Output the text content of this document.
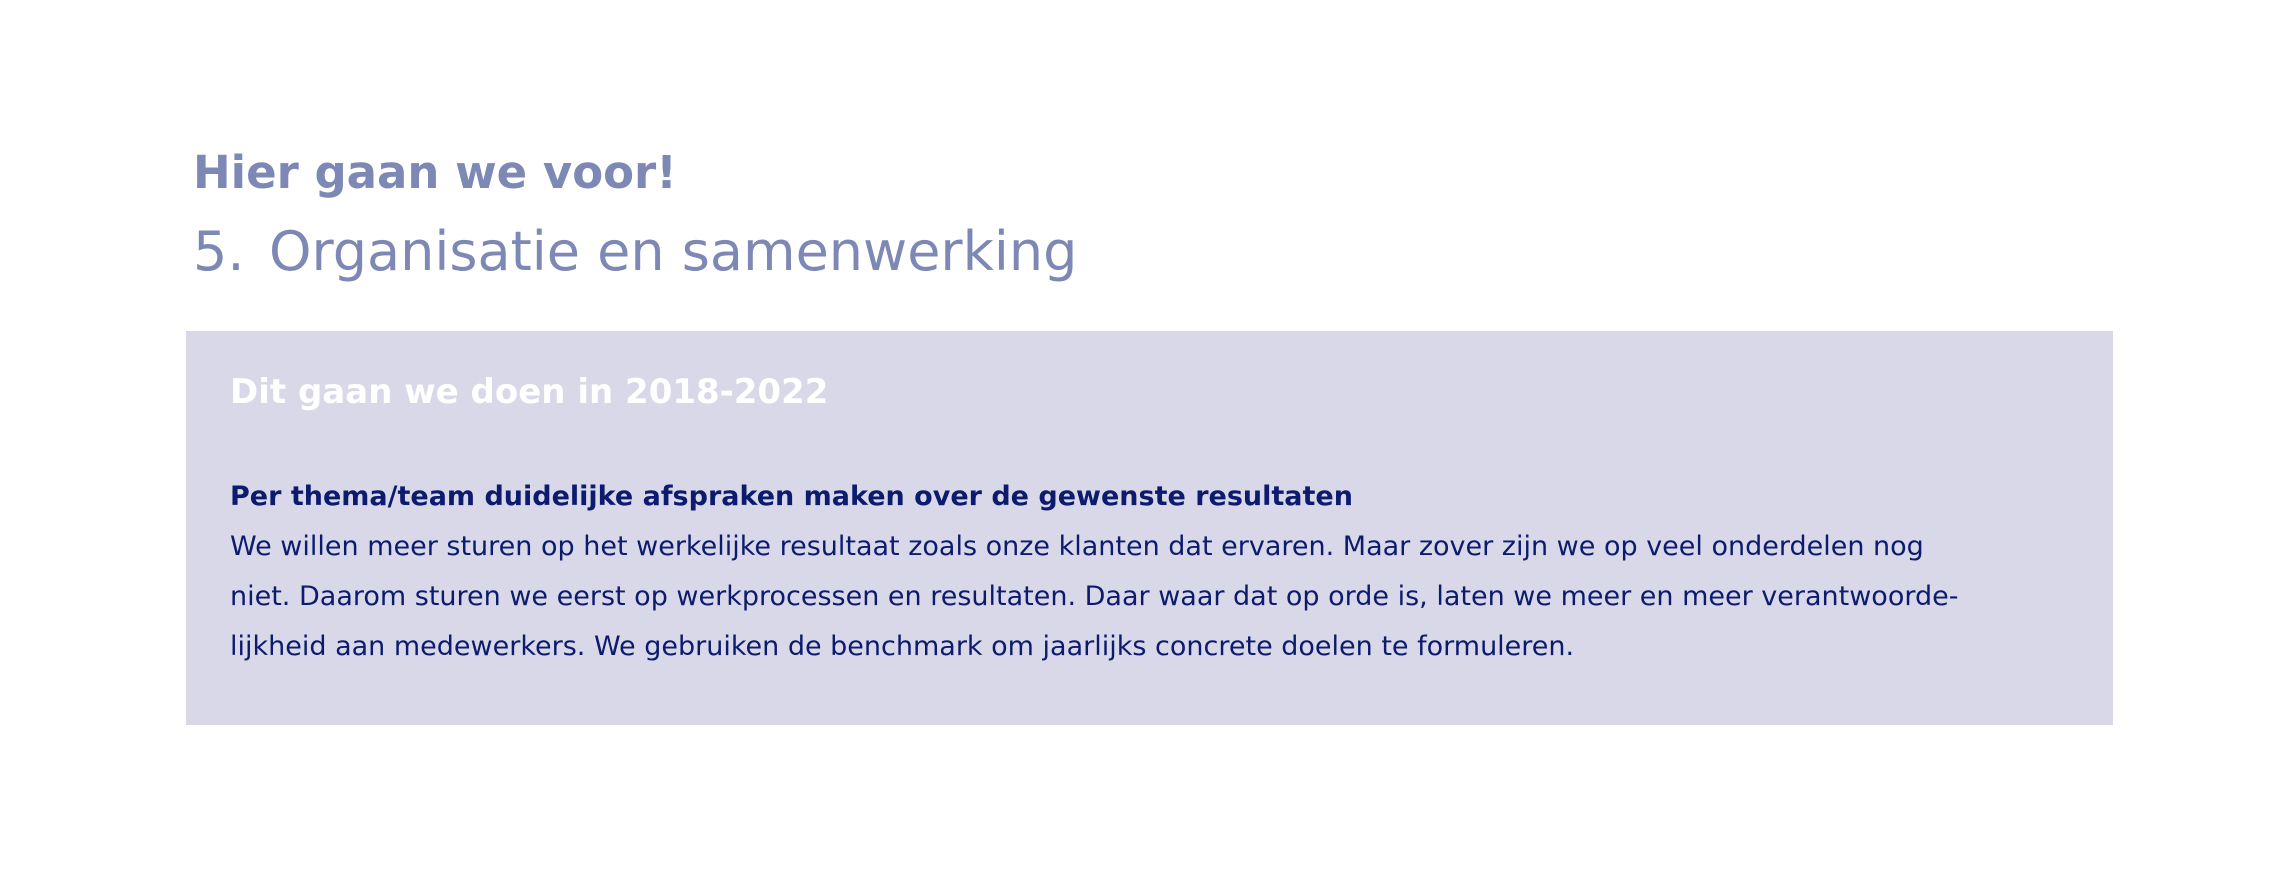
Hier gaan we voor!
5. Organisatie en samenwerking
Dit gaan we doen in 2018-2022
Per thema/team duidelijke afspraken maken over de gewenste resultaten
We willen meer sturen op het werkelijke resultaat zoals onze klanten dat ervaren. Maar zover zijn we op veel onderdelen nog
niet. Daarom sturen we eerst op werkprocessen en resultaten. Daar waar dat op orde is, laten we meer en meer verantwoorde-
lijkheid aan medewerkers. We gebruiken de benchmark om jaarlijks concrete doelen te formuleren.
